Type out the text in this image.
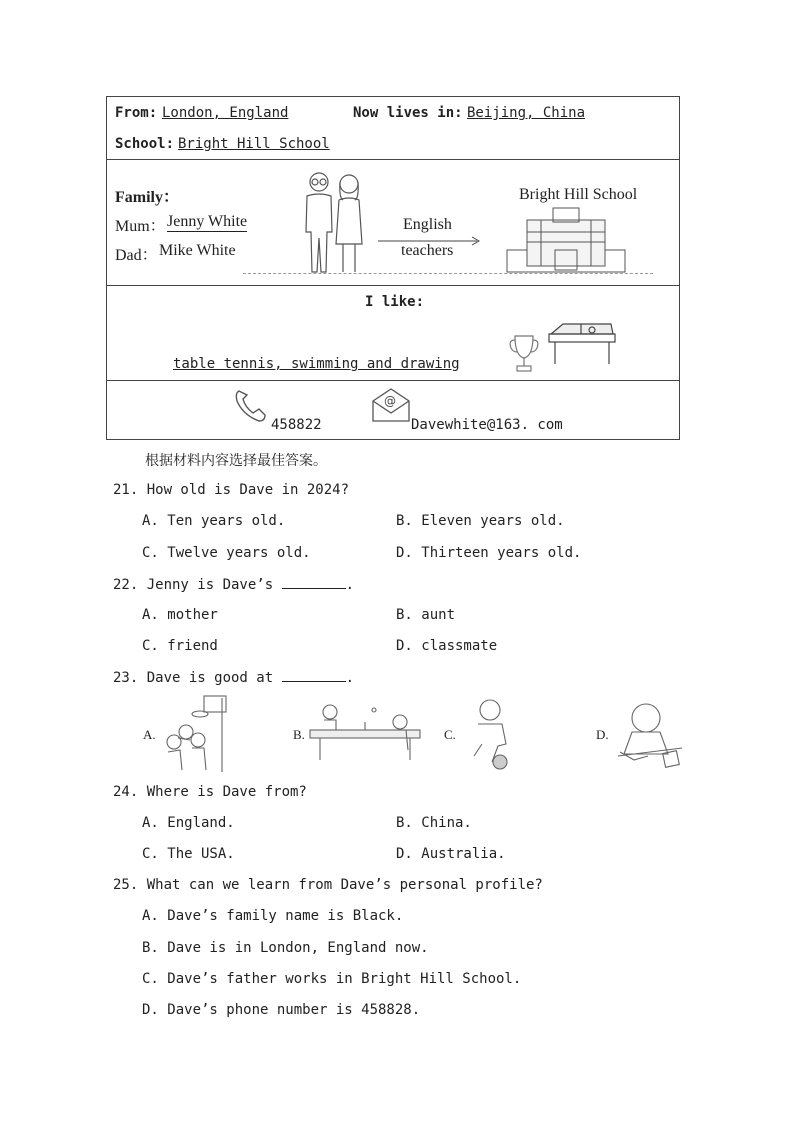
From: London, England	Now lives in: Beijing, China
School: Bright Hill School
Family：
Mum： Jenny White
Dad： Mike White
English
teachers
Bright Hill School
I like:
table tennis, swimming and drawing
458822
@
Davewhite@163. com
根据材料内容选择最佳答案。
21. How old is Dave in 2024?
A. Ten years old.	B. Eleven years old.
C. Twelve years old.	D. Thirteen years old.
22. Jenny is Dave’s	.
A. mother	B. aunt
C. friend	D. classmate
23. Dave is good at	.
A.	B.	C.	D.
24. Where is Dave from?
A. England.	B. China.
C. The USA.	D. Australia.
25. What can we learn from Dave’s personal profile?
A. Dave’s family name is Black.
B. Dave is in London, England now.
C. Dave’s father works in Bright Hill School.
D. Dave’s phone number is 458828.
